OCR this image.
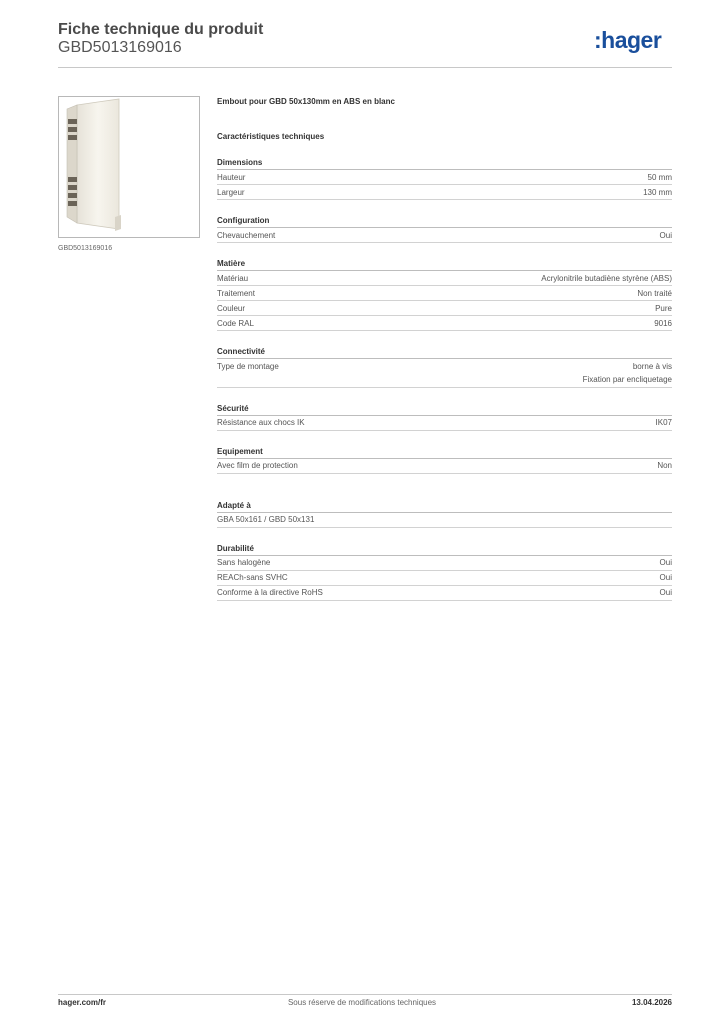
Fiche technique du produit
GBD5013169016	:hager
GBD5013169016
Embout pour GBD 50x130mm en ABS en blanc
Caractéristiques techniques
Dimensions
Hauteur	50 mm
Largeur	130 mm
Configuration
Chevauchement	Oui
Matière
Matériau	Acrylonitrile butadiène styrène (ABS)
Traitement	Non traité
Couleur	Pure
Code RAL	9016
Connectivité
Type de montage	borne à vis
Fixation par encliquetage
Sécurité
Résistance aux chocs IK	IK07
Equipement
Avec film de protection	Non
Adapté à
GBA 50x161 / GBD 50x131
Durabilité
Sans halogène	Oui
REACh-sans SVHC	Oui
Conforme à la directive RoHS	Oui
hager.com/fr	Sous réserve de modifications techniques	13.04.2026
